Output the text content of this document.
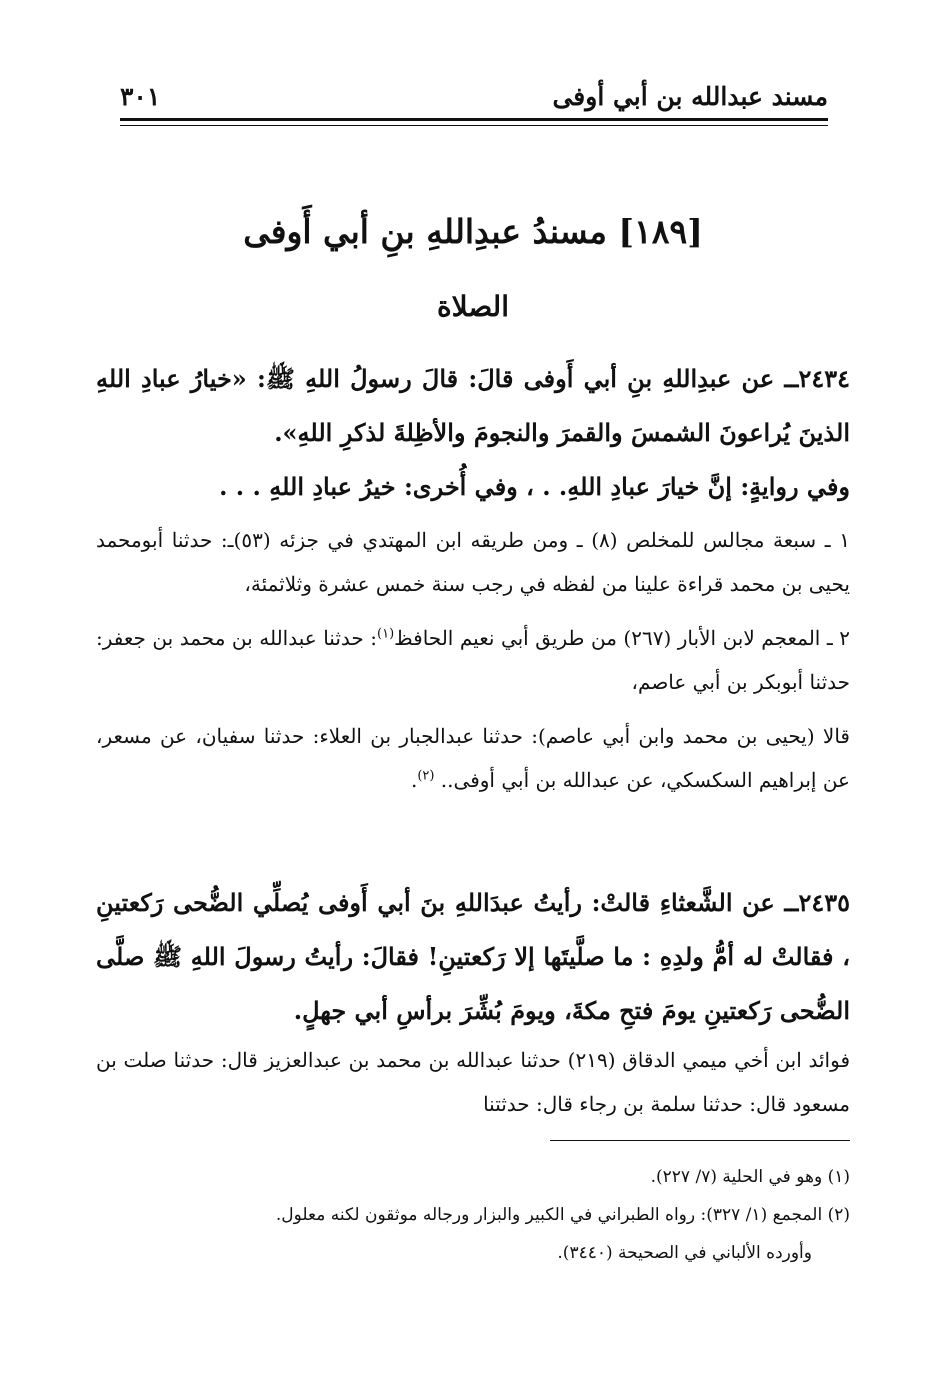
مسند عبدالله بن أبي أوفى
٣٠١
[١٨٩] مسندُ عبدِاللهِ بنِ أبي أَوفى
الصلاة

٢٤٣٤ــ عن عبدِاللهِ بنِ أبي أَوفى قالَ: قالَ رسولُ اللهِ ﷺ: «خيارُ عبادِ اللهِ الذينَ يُراعونَ الشمسَ والقمرَ والنجومَ والأظِلةَ لذكرِ اللهِ».

وفي روايةٍ: إنَّ خيارَ عبادِ اللهِ. . ، وفي أُخرى: خيرُ عبادِ اللهِ . . .

١ ـ سبعة مجالس للمخلص (٨) ـ ومن طريقه ابن المهتدي في جزئه (٥٣)ـ: حدثنا أبومحمد يحيى بن محمد قراءة علينا من لفظه في رجب سنة خمس عشرة وثلاثمئة،

٢ ـ المعجم لابن الأبار (٢٦٧) من طريق أبي نعيم الحافظ$^{(١)}$: حدثنا عبدالله بن محمد بن جعفر: حدثنا أبوبكر بن أبي عاصم،

قالا (يحيى بن محمد وابن أبي عاصم): حدثنا عبدالجبار بن العلاء: حدثنا سفيان، عن مسعر، عن إبراهيم السكسكي، عن عبدالله بن أبي أوفى.. $^{(٢)}$.

٢٤٣٥ــ عن الشَّعثاءِ قالتْ: رأيتُ عبدَاللهِ بنَ أبي أَوفى يُصلِّي الضُّحى رَكعتينِ ، فقالتْ له أمُّ ولدِهِ : ما صلَّيتَها إلا رَكعتينِ! فقالَ: رأيتُ رسولَ اللهِ ﷺ صلَّى الضُّحى رَكعتينِ يومَ فتحِ مكةَ، ويومَ بُشِّرَ برأسِ أبي جهلٍ.

فوائد ابن أخي ميمي الدقاق (٢١٩) حدثنا عبدالله بن محمد بن عبدالعزيز قال: حدثنا صلت بن مسعود قال: حدثنا سلمة بن رجاء قال: حدثتنا

(١) وهو في الحلية (٧/ ٢٢٧).

(٢) المجمع (١/ ٣٢٧): رواه الطبراني في الكبير والبزار ورجاله موثقون لكنه معلول.

وأورده الألباني في الصحيحة (٣٤٤٠).
